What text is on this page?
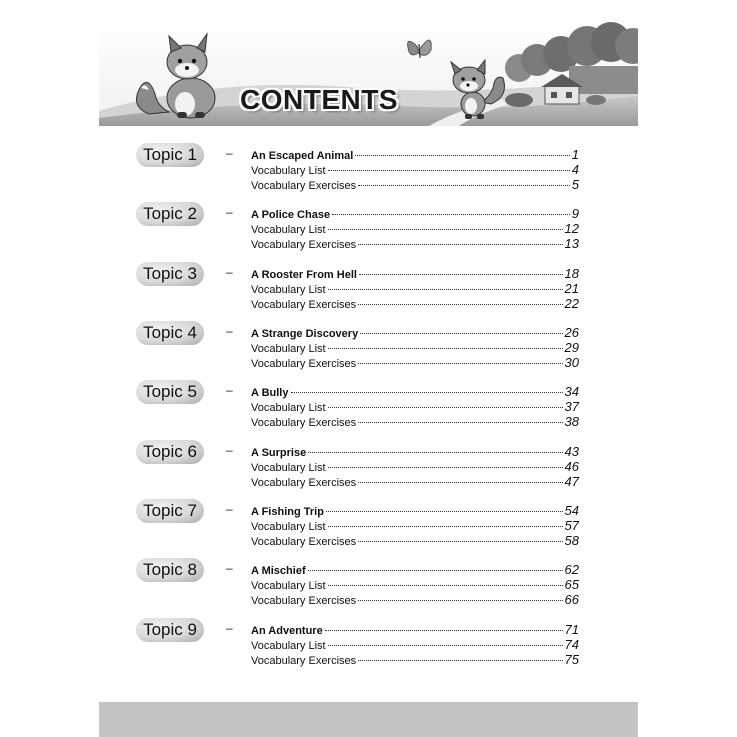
CONTENTS
Topic 1	– An Escaped Animal	1
Vocabulary List	4
Vocabulary Exercises	5
Topic 2	– A Police Chase	9
Vocabulary List	12
Vocabulary Exercises	13
Topic 3	– A Rooster From Hell	18
Vocabulary List	21
Vocabulary Exercises	22
Topic 4	– A Strange Discovery	26
Vocabulary List	29
Vocabulary Exercises	30
Topic 5	– A Bully	34
Vocabulary List	37
Vocabulary Exercises	38
Topic 6	– A Surprise	43
Vocabulary List	46
Vocabulary Exercises	47
Topic 7	– A Fishing Trip	54
Vocabulary List	57
Vocabulary Exercises	58
Topic 8	– A Mischief	62
Vocabulary List	65
Vocabulary Exercises	66
Topic 9	– An Adventure	71
Vocabulary List	74
Vocabulary Exercises	75
